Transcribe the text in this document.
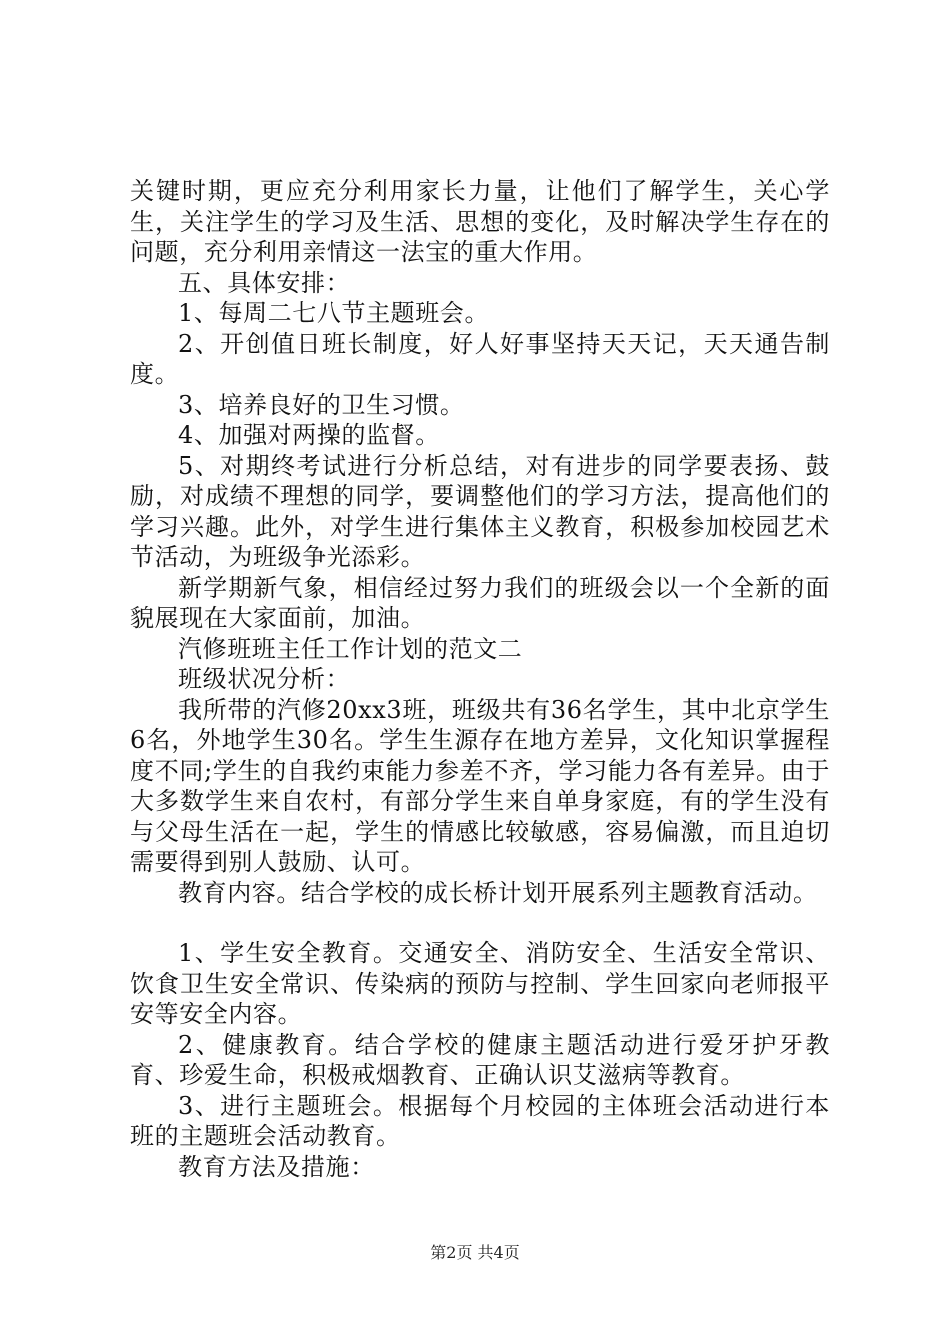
关键时期，更应充分利用家长力量，让他们了解学生，关心学生，关注学生的学习及生活、思想的变化，及时解决学生存在的问题，充分利用亲情这一法宝的重大作用。

五、具体安排：

1、每周二七八节主题班会。

2、开创值日班长制度，好人好事坚持天天记，天天通告制度。

3、培养良好的卫生习惯。

4、加强对两操的监督。

5、对期终考试进行分析总结，对有进步的同学要表扬、鼓励，对成绩不理想的同学，要调整他们的学习方法，提高他们的学习兴趣。此外，对学生进行集体主义教育，积极参加校园艺术节活动，为班级争光添彩。

新学期新气象，相信经过努力我们的班级会以一个全新的面貌展现在大家面前，加油。

汽修班班主任工作计划的范文二

班级状况分析：

我所带的汽修20xx3班，班级共有36名学生，其中北京学生6名，外地学生30名。学生生源存在地方差异，文化知识掌握程度不同;学生的自我约束能力参差不齐，学习能力各有差异。由于大多数学生来自农村，有部分学生来自单身家庭，有的学生没有与父母生活在一起，学生的情感比较敏感，容易偏激，而且迫切需要得到别人鼓励、认可。

教育内容。结合学校的成长桥计划开展系列主题教育活动。

1、学生安全教育。交通安全、消防安全、生活安全常识、饮食卫生安全常识、传染病的预防与控制、学生回家向老师报平安等安全内容。

2、健康教育。结合学校的健康主题活动进行爱牙护牙教育、珍爱生命，积极戒烟教育、正确认识艾滋病等教育。

3、进行主题班会。根据每个月校园的主体班会活动进行本班的主题班会活动教育。

教育方法及措施：

第2页 共4页
